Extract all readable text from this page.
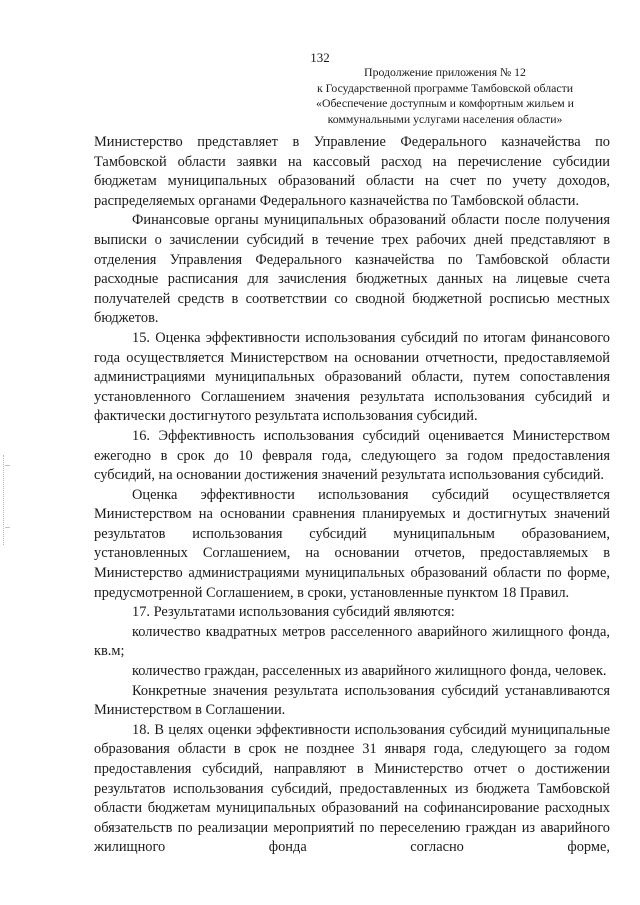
132
Продолжение приложения № 12
к Государственной программе Тамбовской области
«Обеспечение доступным и комфортным жильем и
коммунальными услугами населения области»

Министерство представляет в Управление Федерального казначейства по Тамбовской области заявки на кассовый расход на перечисление субсидии бюджетам муниципальных образований области на счет по учету доходов, распределяемых органами Федерального казначейства по Тамбовской области.

Финансовые органы муниципальных образований области после получения выписки о зачислении субсидий в течение трех рабочих дней представляют в отделения Управления Федерального казначейства по Тамбовской области расходные расписания для зачисления бюджетных данных на лицевые счета получателей средств в соответствии со сводной бюджетной росписью местных бюджетов.

15. Оценка эффективности использования субсидий по итогам финансового года осуществляется Министерством на основании отчетности, предоставляемой администрациями муниципальных образований области, путем сопоставления установленного Соглашением значения результата использования субсидий и фактически достигнутого результата использования субсидий.

16. Эффективность использования субсидий оценивается Министерством ежегодно в срок до 10 февраля года, следующего за годом предоставления субсидий, на основании достижения значений результата использования субсидий.

Оценка эффективности использования субсидий осуществляется Министерством на основании сравнения планируемых и достигнутых значений результатов использования субсидий муниципальным образованием, установленных Соглашением, на основании отчетов, предоставляемых в Министерство администрациями муниципальных образований области по форме, предусмотренной Соглашением, в сроки, установленные пунктом 18 Правил.

17. Результатами использования субсидий являются:

количество квадратных метров расселенного аварийного жилищного фонда, кв.м;

количество граждан, расселенных из аварийного жилищного фонда, человек.

Конкретные значения результата использования субсидий устанавливаются Министерством в Соглашении.

18. В целях оценки эффективности использования субсидий муниципальные образования области в срок не позднее 31 января года, следующего за годом предоставления субсидий, направляют в Министерство отчет о достижении результатов использования субсидий, предоставленных из бюджета Тамбовской области бюджетам муниципальных образований на софинансирование расходных обязательств по реализации мероприятий по переселению граждан из аварийного жилищного фонда согласно форме,
